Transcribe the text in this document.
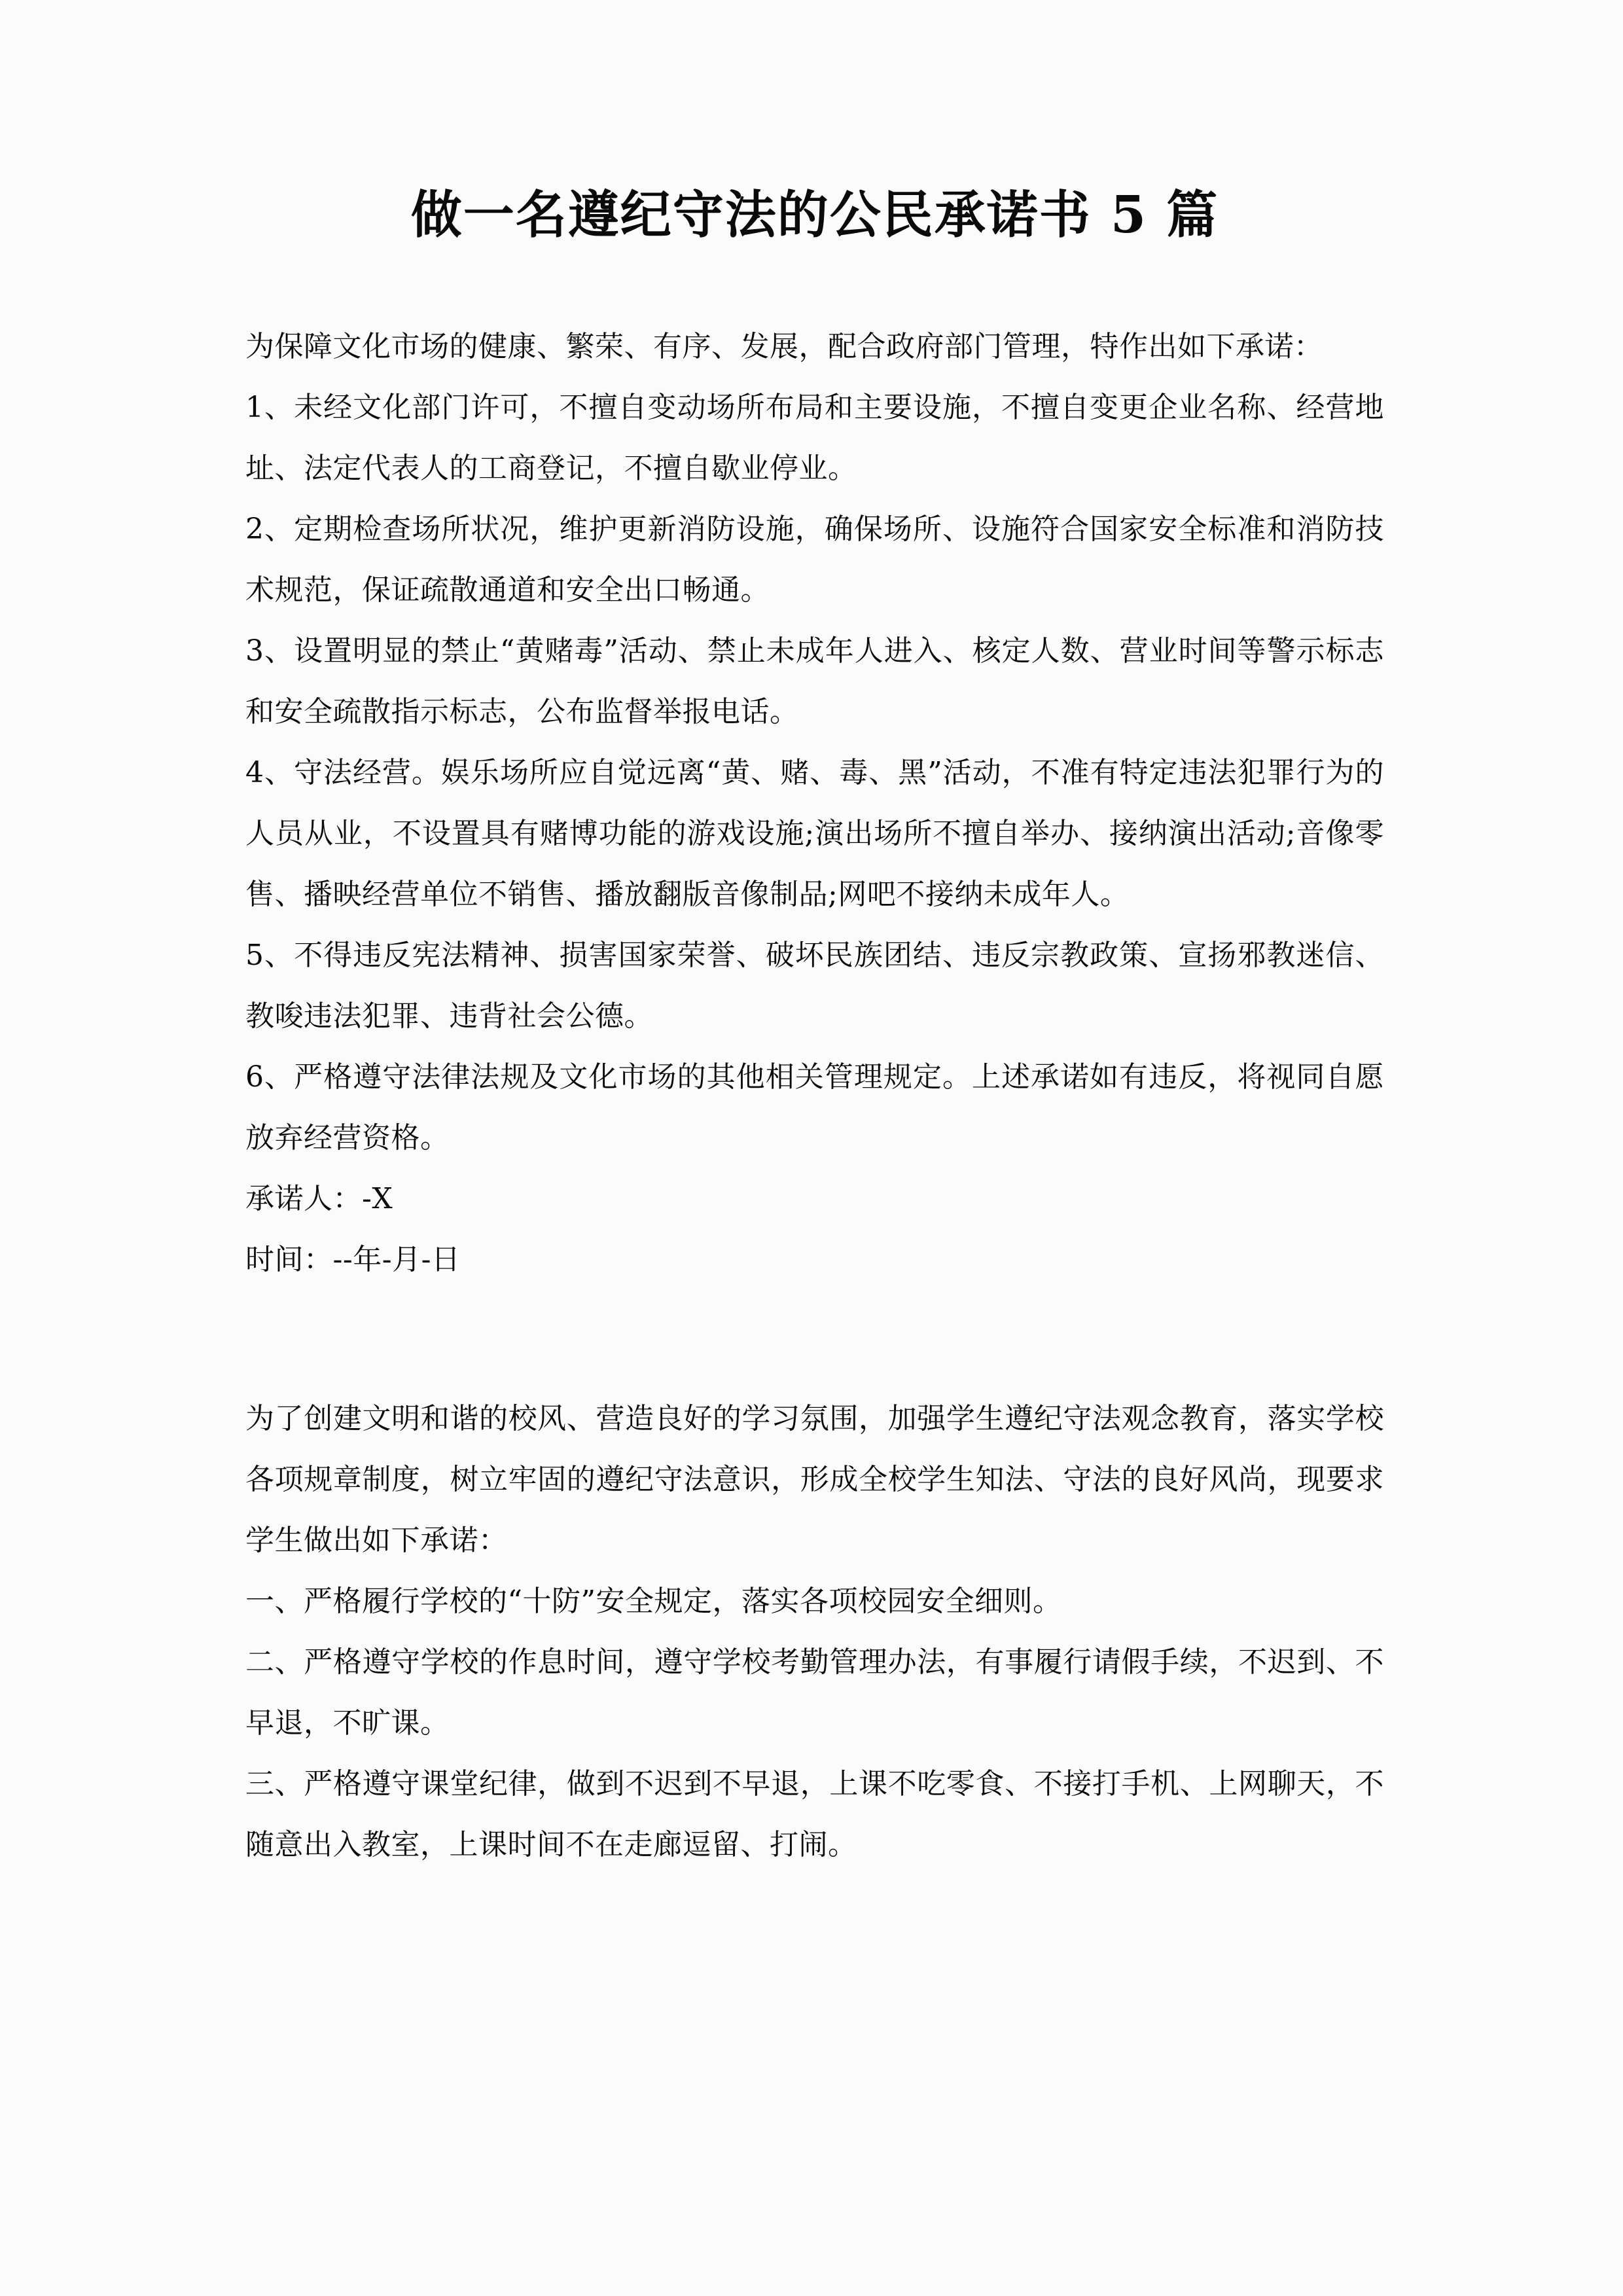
做一名遵纪守法的公民承诺书 5 篇

为保障文化市场的健康、繁荣、有序、发展，配合政府部门管理，特作出如下承诺：

1、未经文化部门许可，不擅自变动场所布局和主要设施，不擅自变更企业名称、经营地址、法定代表人的工商登记，不擅自歇业停业。

2、定期检查场所状况，维护更新消防设施，确保场所、设施符合国家安全标准和消防技术规范，保证疏散通道和安全出口畅通。

3、设置明显的禁止“黄赌毒”活动、禁止未成年人进入、核定人数、营业时间等警示标志和安全疏散指示标志，公布监督举报电话。

4、守法经营。娱乐场所应自觉远离“黄、赌、毒、黑”活动，不准有特定违法犯罪行为的人员从业，不设置具有赌博功能的游戏设施;演出场所不擅自举办、接纳演出活动;音像零售、播映经营单位不销售、播放翻版音像制品;网吧不接纳未成年人。

5、不得违反宪法精神、损害国家荣誉、破坏民族团结、违反宗教政策、宣扬邪教迷信、教唆违法犯罪、违背社会公德。

6、严格遵守法律法规及文化市场的其他相关管理规定。上述承诺如有违反，将视同自愿放弃经营资格。

承诺人：-X

时间：--年-月-日

为了创建文明和谐的校风、营造良好的学习氛围，加强学生遵纪守法观念教育，落实学校各项规章制度，树立牢固的遵纪守法意识，形成全校学生知法、守法的良好风尚，现要求学生做出如下承诺：

一、严格履行学校的“十防”安全规定，落实各项校园安全细则。

二、严格遵守学校的作息时间，遵守学校考勤管理办法，有事履行请假手续，不迟到、不早退，不旷课。

三、严格遵守课堂纪律，做到不迟到不早退，上课不吃零食、不接打手机、上网聊天，不随意出入教室，上课时间不在走廊逗留、打闹。
